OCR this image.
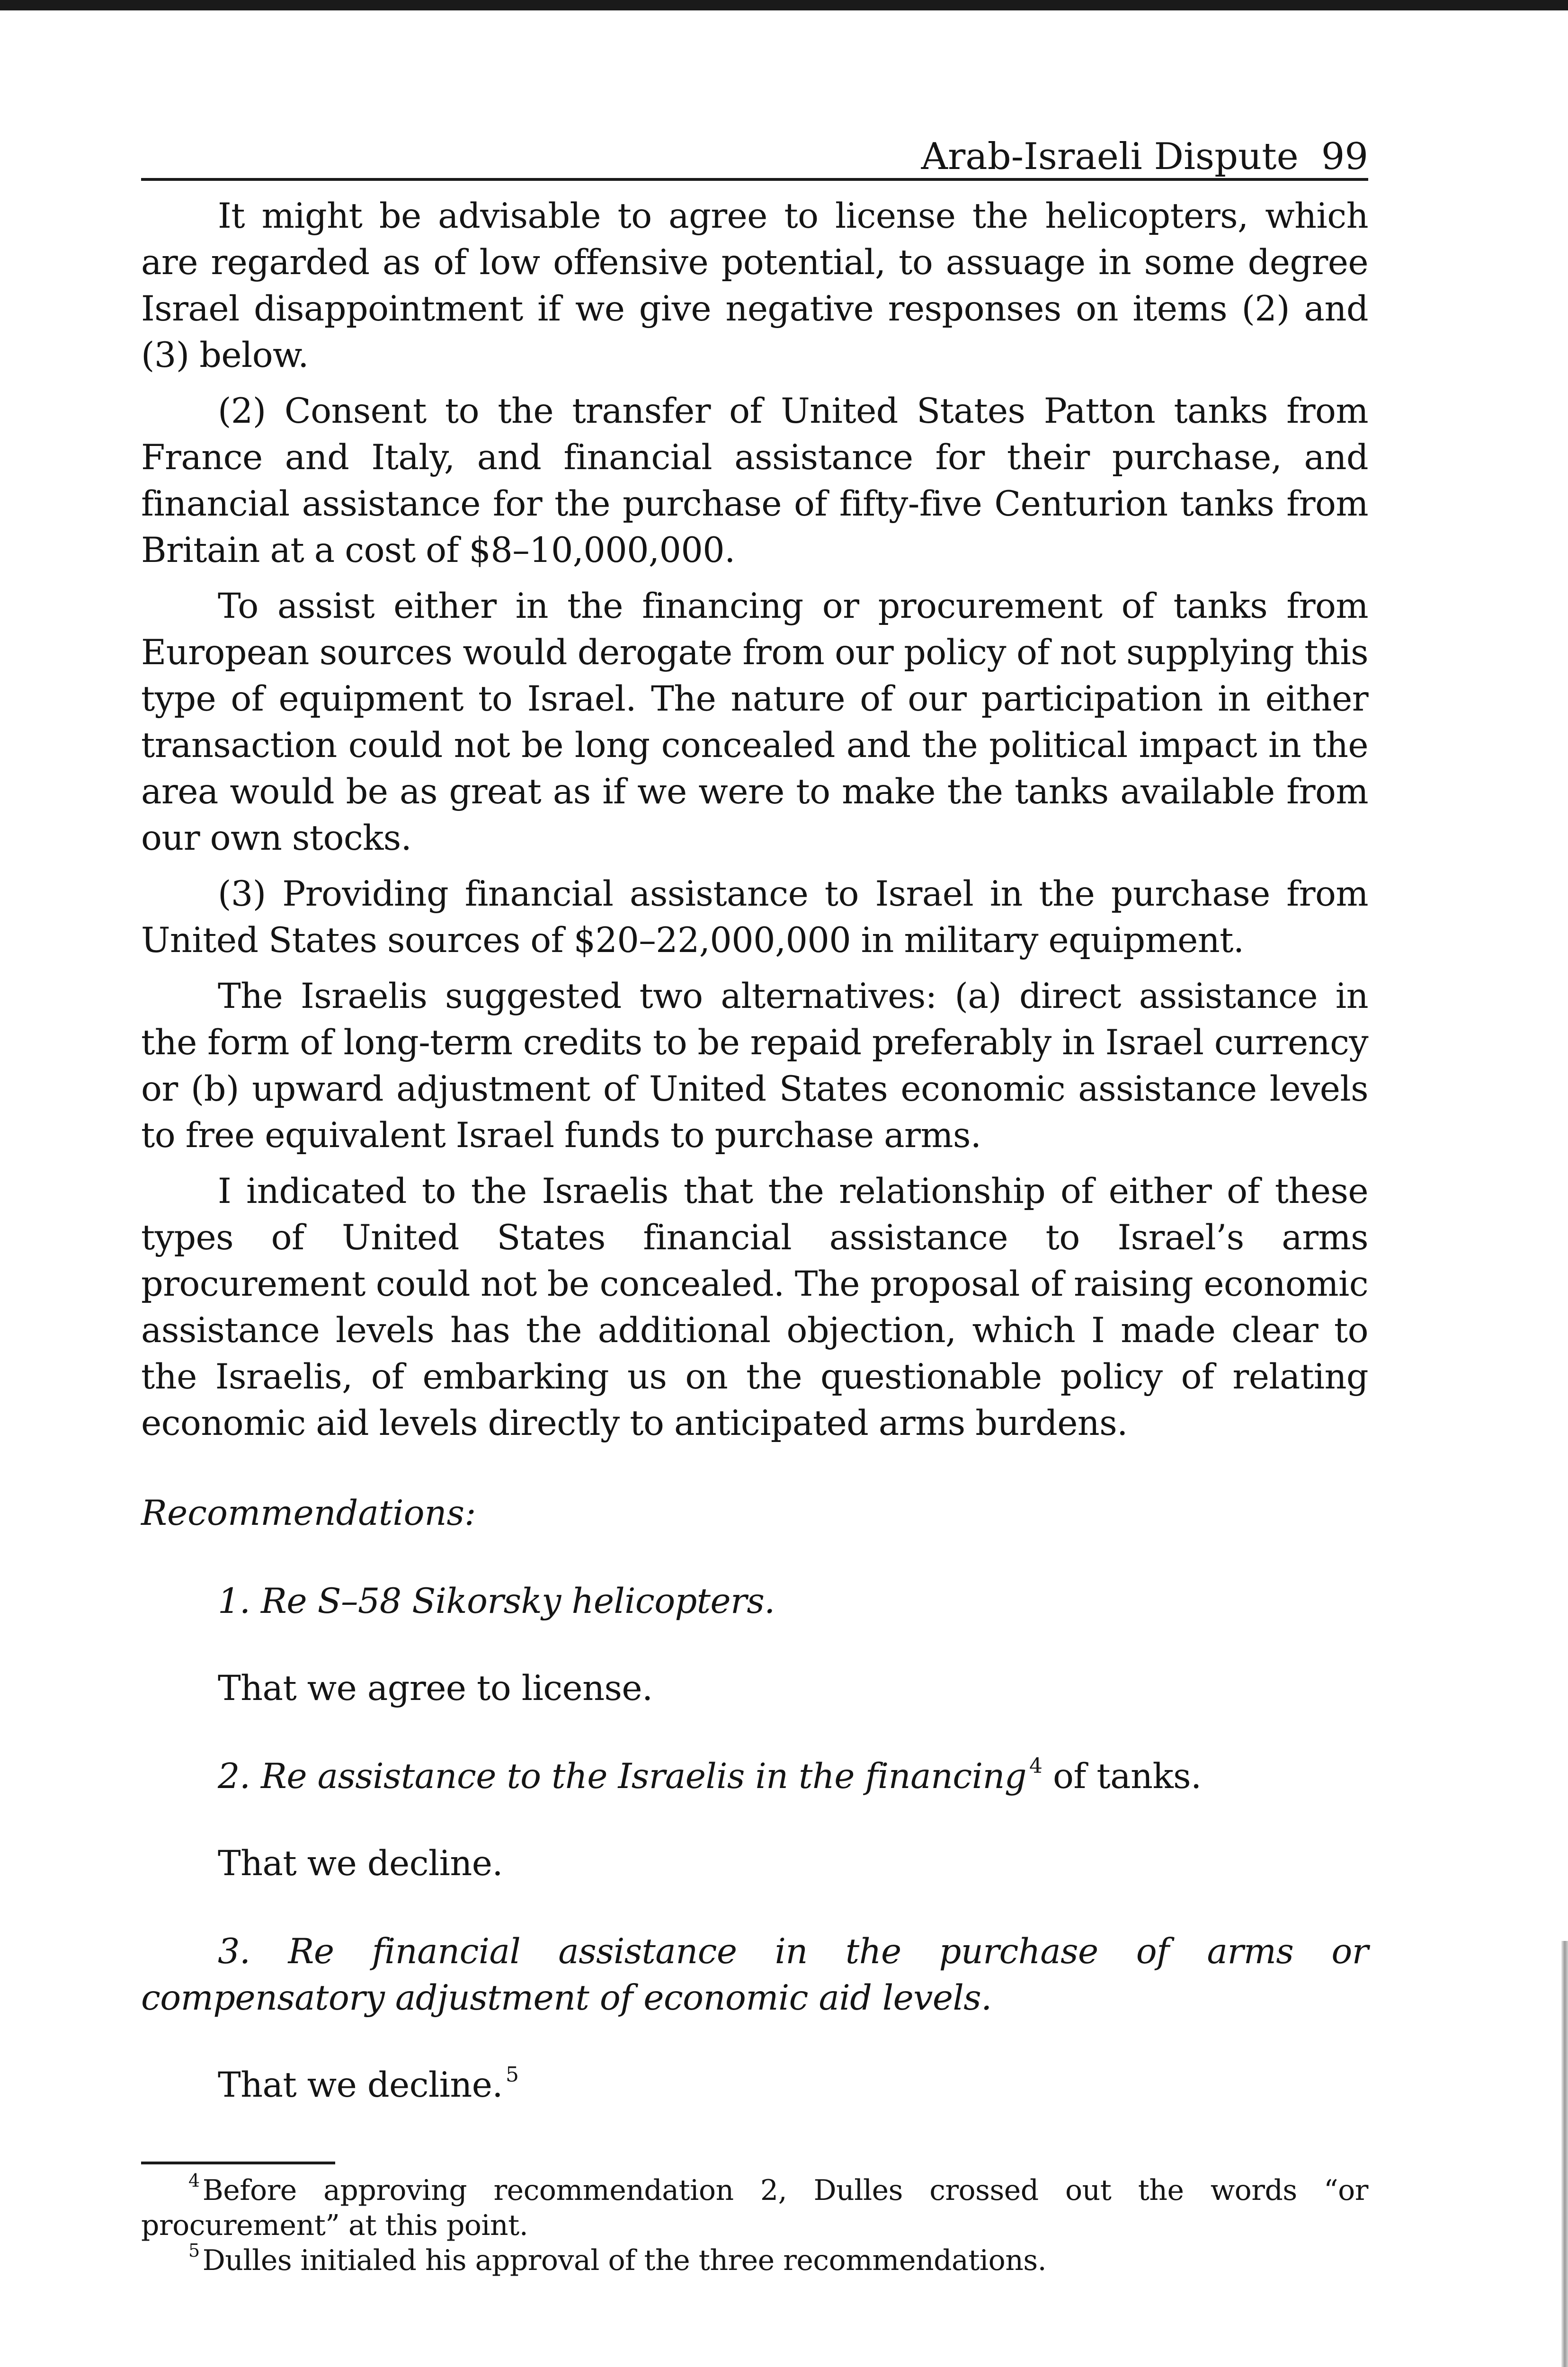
Arab-Israeli Dispute 99

It might be advisable to agree to license the helicopters, which are regarded as of low offensive potential, to assuage in some degree Israel disappointment if we give negative responses on items (2) and (3) below.

(2) Consent to the transfer of United States Patton tanks from France and Italy, and financial assistance for their purchase, and financial assistance for the purchase of fifty-five Centurion tanks from Britain at a cost of $8–10,000,000.

To assist either in the financing or procurement of tanks from European sources would derogate from our policy of not supplying this type of equipment to Israel. The nature of our participation in either transaction could not be long concealed and the political impact in the area would be as great as if we were to make the tanks available from our own stocks.

(3) Providing financial assistance to Israel in the purchase from United States sources of $20–22,000,000 in military equipment.

The Israelis suggested two alternatives: (a) direct assistance in the form of long-term credits to be repaid preferably in Israel currency or (b) upward adjustment of United States economic assistance levels to free equivalent Israel funds to purchase arms.

I indicated to the Israelis that the relationship of either of these types of United States financial assistance to Israel’s arms procurement could not be concealed. The proposal of raising economic assistance levels has the additional objection, which I made clear to the Israelis, of embarking us on the questionable policy of relating economic aid levels directly to anticipated arms burdens.

Recommendations:

1. Re S–58 Sikorsky helicopters.

That we agree to license.

2. Re assistance to the Israelis in the financing $^4$ of tanks.

That we decline.

3. Re financial assistance in the purchase of arms or compensatory adjustment of economic aid levels.

That we decline. $^5$

$^4$ Before approving recommendation 2, Dulles crossed out the words “or procurement” at this point.

$^5$ Dulles initialed his approval of the three recommendations.
